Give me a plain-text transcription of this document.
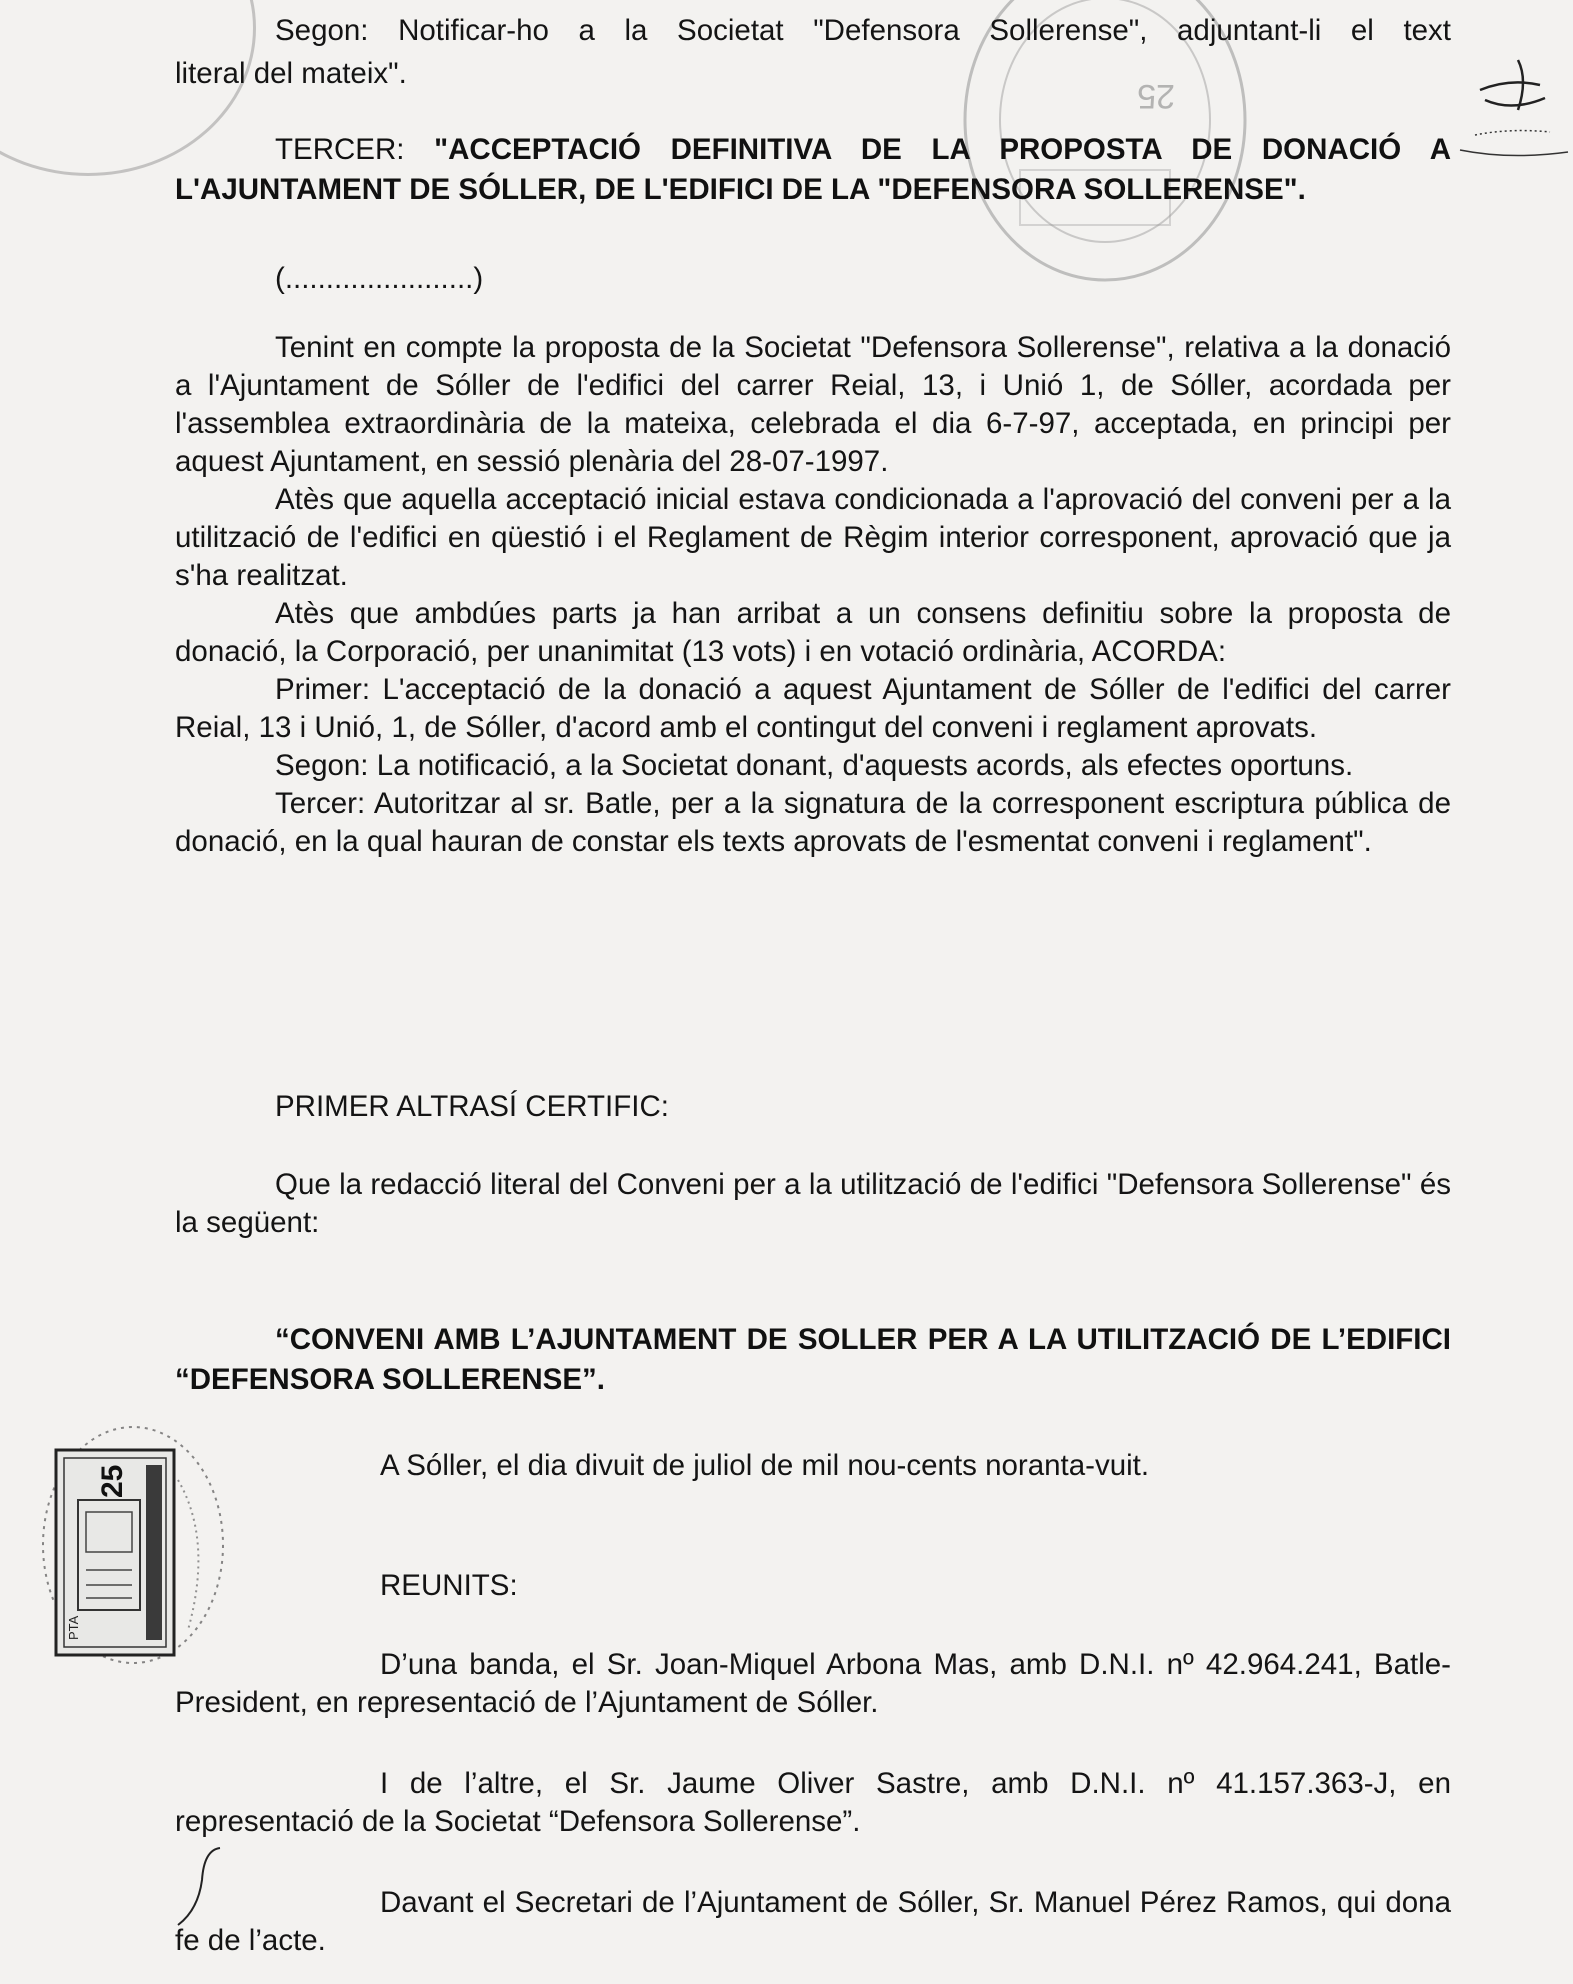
25
Segon: Notificar-ho a la Societat "Defensora Sollerense", adjuntant-li el text
literal del mateix".
TERCER: "ACCEPTACIÓ DEFINITIVA DE LA PROPOSTA DE DONACIÓ A L'AJUNTAMENT DE SÓLLER, DE L'EDIFICI DE LA "DEFENSORA SOLLERENSE".
(.......................)

Tenint en compte la proposta de la Societat "Defensora Sollerense", relativa a la donació a l'Ajuntament de Sóller de l'edifici del carrer Reial, 13, i Unió 1, de Sóller, acordada per l'assemblea extraordinària de la mateixa, celebrada el dia 6-7-97, acceptada, en principi per aquest Ajuntament, en sessió plenària del 28-07-1997.

Atès que aquella acceptació inicial estava condicionada a l'aprovació del conveni per a la utilització de l'edifici en qüestió i el Reglament de Règim interior corresponent, aprovació que ja s'ha realitzat.

Atès que ambdúes parts ja han arribat a un consens definitiu sobre la proposta de donació, la Corporació, per unanimitat (13 vots) i en votació ordinària, ACORDA:

Primer: L'acceptació de la donació a aquest Ajuntament de Sóller de l'edifici del carrer Reial, 13 i Unió, 1, de Sóller, d'acord amb el contingut del conveni i reglament aprovats.

Segon: La notificació, a la Societat donant, d'aquests acords, als efectes oportuns.

Tercer: Autoritzar al sr. Batle, per a la signatura de la corresponent escriptura pública de donació, en la qual hauran de constar els texts aprovats de l'esmentat conveni i reglament".

PRIMER ALTRASÍ CERTIFIC:

Que la redacció literal del Conveni per a la utilització de l'edifici "Defensora Sollerense" és la següent:

“CONVENI AMB L’AJUNTAMENT DE SOLLER PER A LA UTILITZACIÓ DE L’EDIFICI “DEFENSORA SOLLERENSE”.
PTA
25	A Sóller, el dia divuit de juliol de mil nou-cents noranta-vuit.
REUNITS:

D’una banda, el Sr. Joan-Miquel Arbona Mas, amb D.N.I. nº 42.964.241, Batle-President, en representació de l’Ajuntament de Sóller.

I de l’altre, el Sr. Jaume Oliver Sastre, amb D.N.I. nº 41.157.363-J, en representació de la Societat “Defensora Sollerense”.

Davant el Secretari de l’Ajuntament de Sóller, Sr. Manuel Pérez Ramos, qui dona fe de l’acte.
